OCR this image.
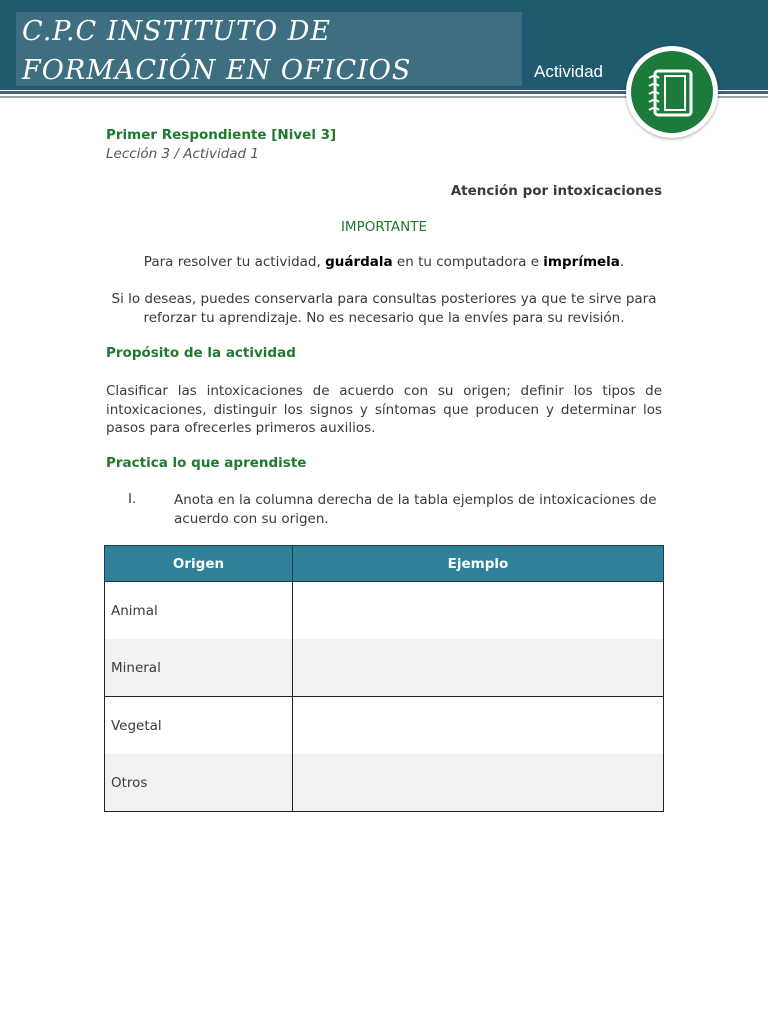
C.P.C INSTITUTO DE
FORMACIÓN EN OFICIOS	Actividad
Primer Respondiente [Nivel 3]
Lección 3 / Actividad 1
Atención por intoxicaciones
IMPORTANTE
Para resolver tu actividad, guárdala en tu computadora e imprímela.
Si lo deseas, puedes conservarla para consultas posteriores ya que te sirve para reforzar tu aprendizaje. No es necesario que la envíes para su revisión.
Propósito de la actividad
Clasificar las intoxicaciones de acuerdo con su origen; definir los tipos de intoxicaciones, distinguir los signos y síntomas que producen y determinar los pasos para ofrecerles primeros auxilios.
Practica lo que aprendiste
I.	Anota en la columna derecha de la tabla ejemplos de intoxicaciones de acuerdo con su origen.
Origen	Ejemplo
Animal	
Mineral	
Vegetal	
Otros	
